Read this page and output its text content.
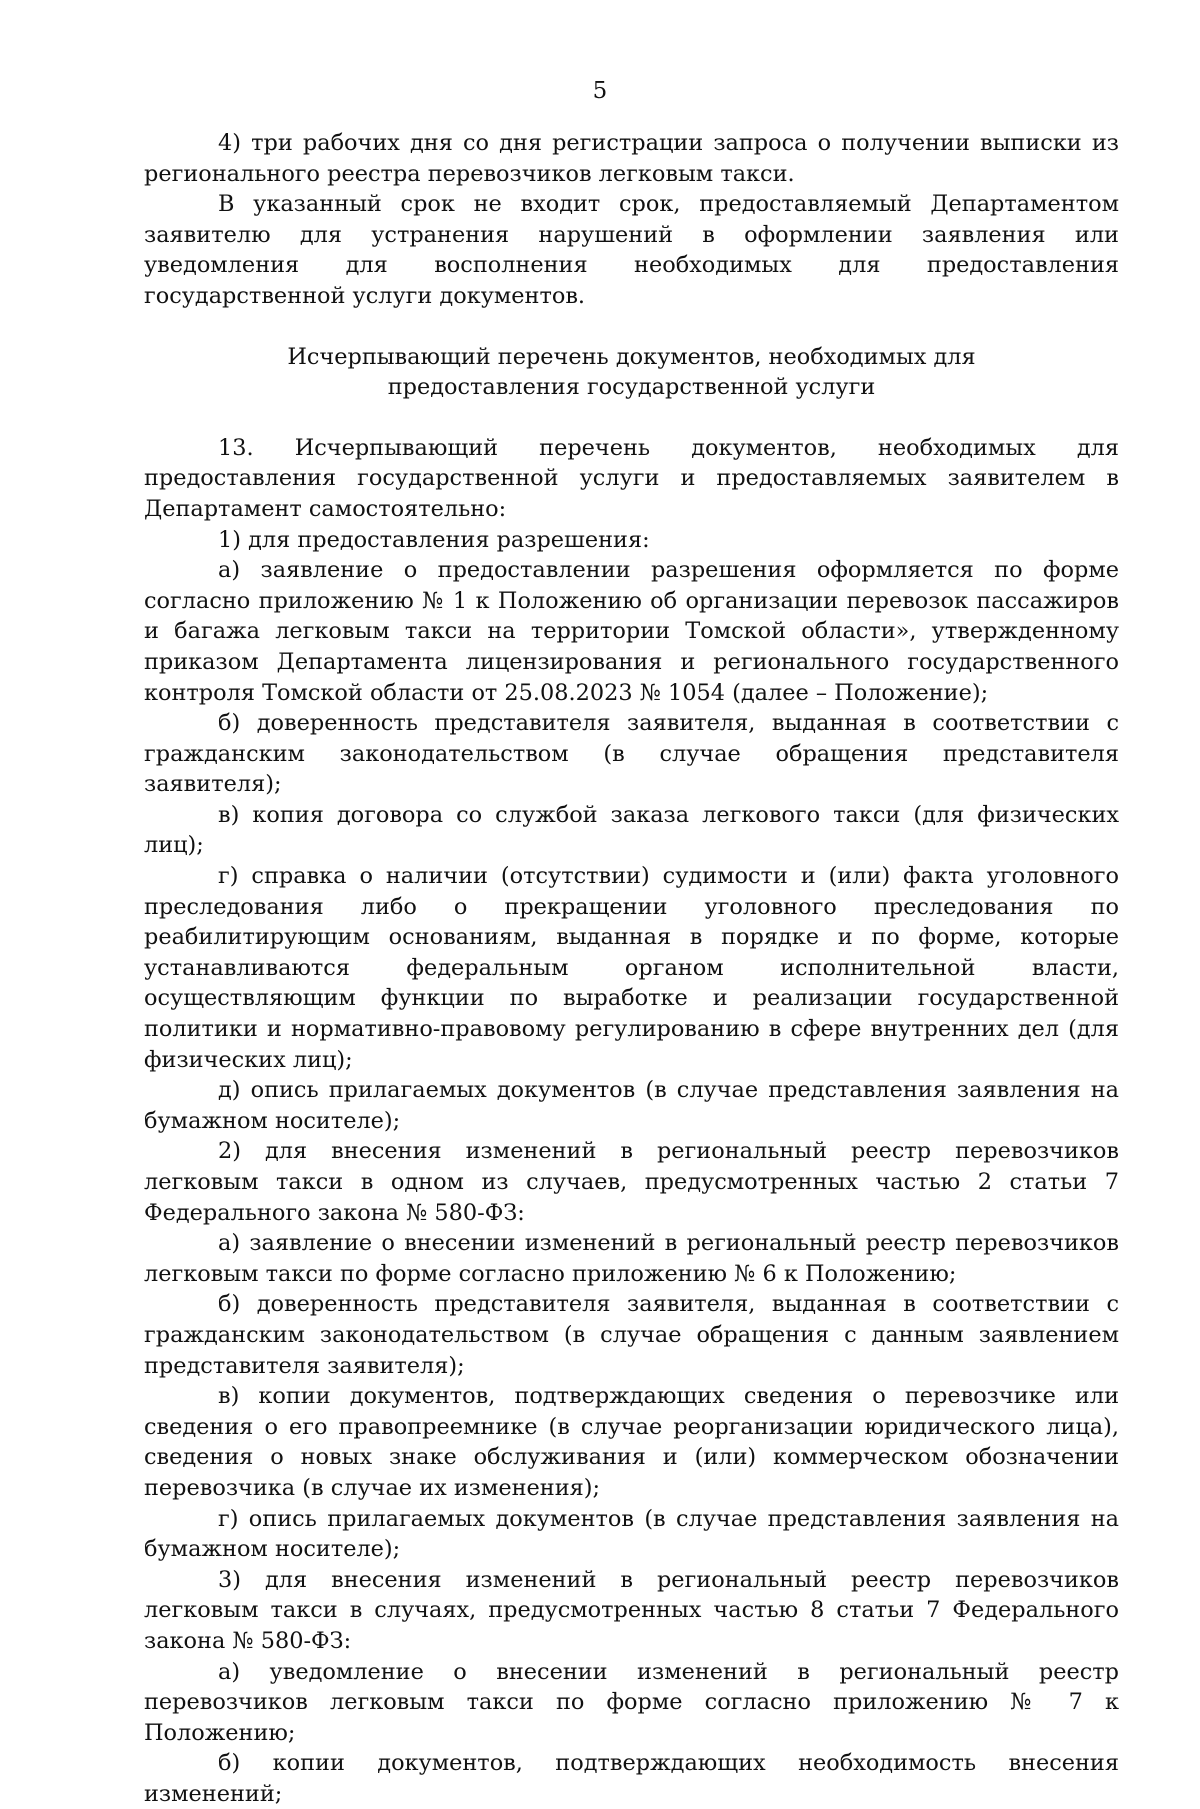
5

4) три рабочих дня со дня регистрации запроса о получении выписки из регионального реестра перевозчиков легковым такси.

В указанный срок не входит срок, предоставляемый Департаментом заявителю для устранения нарушений в оформлении заявления или уведомления для восполнения необходимых для предоставления государственной услуги документов.

Исчерпывающий перечень документов, необходимых для предоставления государственной услуги

13. Исчерпывающий перечень документов, необходимых для предоставления государственной услуги и предоставляемых заявителем в Департамент самостоятельно:

1) для предоставления разрешения:

а) заявление о предоставлении разрешения оформляется по форме согласно приложению № 1 к Положению об организации перевозок пассажиров и багажа легковым такси на территории Томской области», утвержденному приказом Департамента лицензирования и регионального государственного контроля Томской области от 25.08.2023 № 1054 (далее – Положение);

б) доверенность представителя заявителя, выданная в соответствии с гражданским законодательством (в случае обращения представителя заявителя);

в) копия договора со службой заказа легкового такси (для физических лиц);

г) справка о наличии (отсутствии) судимости и (или) факта уголовного преследования либо о прекращении уголовного преследования по реабилитирующим основаниям, выданная в порядке и по форме, которые устанавливаются федеральным органом исполнительной власти, осуществляющим функции по выработке и реализации государственной политики и нормативно-правовому регулированию в сфере внутренних дел (для физических лиц);

д) опись прилагаемых документов (в случае представления заявления на бумажном носителе);

2) для внесения изменений в региональный реестр перевозчиков легковым такси в одном из случаев, предусмотренных частью 2 статьи 7 Федерального закона № 580-ФЗ:

а) заявление о внесении изменений в региональный реестр перевозчиков легковым такси по форме согласно приложению № 6 к Положению;

б) доверенность представителя заявителя, выданная в соответствии с гражданским законодательством (в случае обращения с данным заявлением представителя заявителя);

в) копии документов, подтверждающих сведения о перевозчике или сведения о его правопреемнике (в случае реорганизации юридического лица), сведения о новых знаке обслуживания и (или) коммерческом обозначении перевозчика (в случае их изменения);

г) опись прилагаемых документов (в случае представления заявления на бумажном носителе);

3) для внесения изменений в региональный реестр перевозчиков легковым такси в случаях, предусмотренных частью 8 статьи 7 Федерального закона № 580-ФЗ:

а) уведомление о внесении изменений в региональный реестр перевозчиков легковым такси по форме согласно приложению № 7 к Положению;

б) копии документов, подтверждающих необходимость внесения изменений;
